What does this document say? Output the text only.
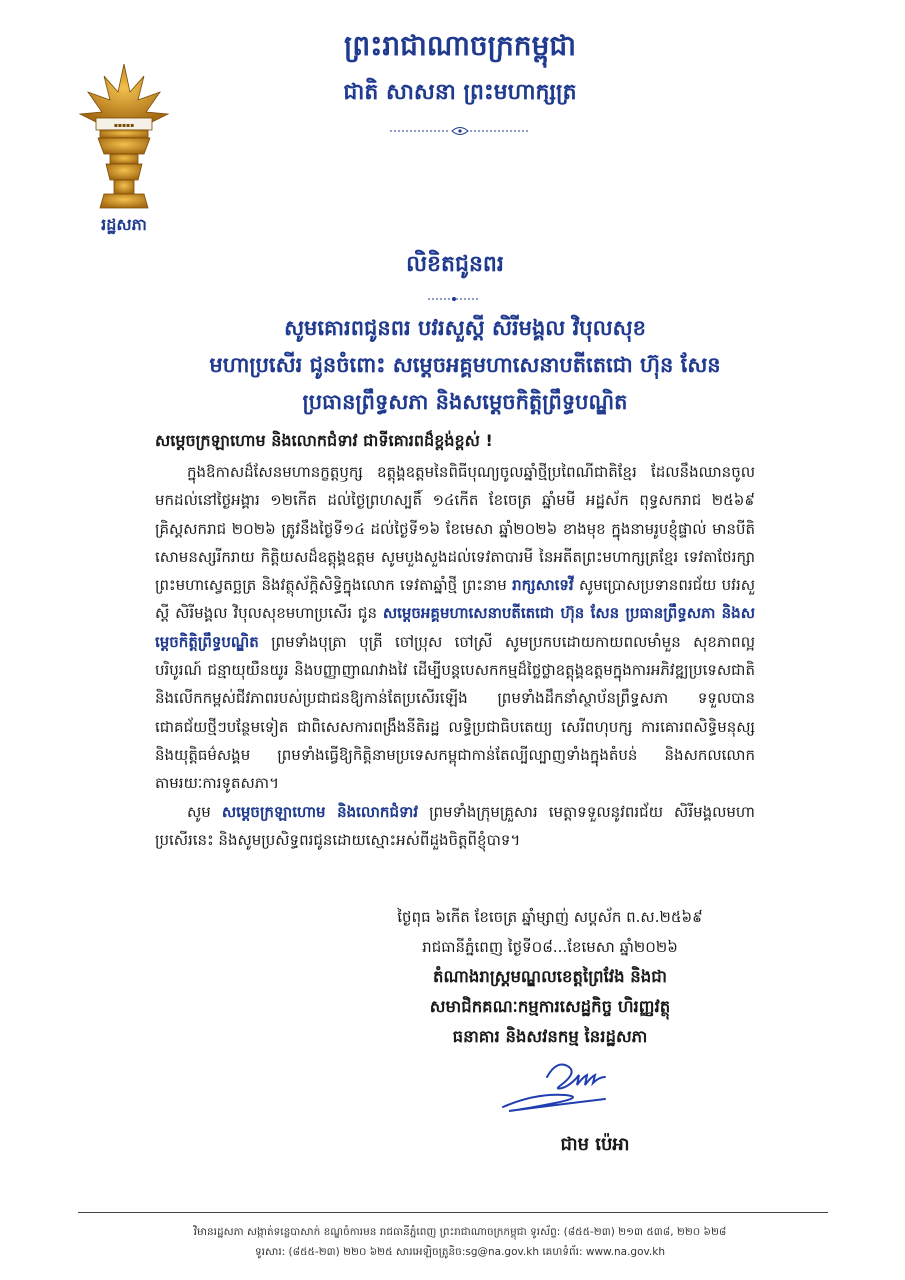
▪▪▪▪▪
រដ្ឋសភា
ព្រះរាជាណាចក្រកម្ពុជា
ជាតិ សាសនា ព្រះមហាក្សត្រ
លិខិតជូនពរ
សូមគោរពជូនពរ បវរសួស្តី សិរីមង្គល វិបុលសុខ
មហាប្រសើរ ជូនចំពោះ សម្តេចអគ្គមហាសេនាបតីតេជោ ហ៊ុន សែន
ប្រធានព្រឹទ្ធសភា និងសម្តេចកិត្តិព្រឹទ្ធបណ្ឌិត
សម្តេចក្រឡាហោម និងលោកជំទាវ ជាទីគោរពដ៏ខ្ពង់ខ្ពស់ !

ក្នុងឱកាសដ៏សែនមហានក្ខត្តឫក្ស ឧត្តុង្គឧត្តមនៃពិធីបុណ្យចូលឆ្នាំថ្មីប្រពៃណីជាតិខ្មែរ ដែលនឹងឈានចូលមកដល់នៅថ្ងៃអង្គារ ១២កើត ដល់ថ្ងៃព្រហស្បតិ៍ ១៤កើត ខែចេត្រ ឆ្នាំមមី អដ្ឋស័ក ពុទ្ធសករាជ ២៥៦៩ គ្រិស្តសករាជ ២០២៦ ត្រូវនឹងថ្ងៃទី១៤ ដល់ថ្ងៃទី១៦ ខែមេសា ឆ្នាំ២០២៦ ខាងមុខ ក្នុងនាមរូបខ្ញុំផ្ទាល់ មានបីតិសោមនស្សរីករាយ កិត្តិយសដ៏ឧត្តុង្គឧត្តម សូមបួងសួងដល់ទេវតាបារមី នៃអតីតព្រះមហាក្សត្រខ្មែរ ទេវតាថែរក្សាព្រះមហាស្វេតច្ឆត្រ និងវត្ថុស័ក្តិសិទ្ធិក្នុងលោក ទេវតាឆ្នាំថ្មី ព្រះនាម រាក្សសាទេវី សូមប្រោសប្រទានពរជ័យ បវរសួស្តី សិរីមង្គល វិបុលសុខមហាប្រសើរ ជូន សម្តេចអគ្គមហាសេនាបតីតេជោ ហ៊ុន សែន ប្រធានព្រឹទ្ធសភា និងសម្តេចកិត្តិព្រឹទ្ធបណ្ឌិត ព្រមទាំងបុត្រា បុត្រី ចៅប្រុស ចៅស្រី សូមប្រកបដោយកាយពលមាំមួន សុខភាពល្អបរិបូរណ៍ ជន្មាយុយឺនយូរ និងបញ្ញាញាណវាងវៃ ដើម្បីបន្តបេសកកម្មដ៏ថ្លៃថ្លាឧត្តុង្គឧត្តមក្នុងការអភិវឌ្ឍប្រទេសជាតិ និងលើកកម្ពស់ជីវភាពរបស់ប្រជាជនឱ្យកាន់តែប្រសើរឡើង ព្រមទាំងដឹកនាំស្ថាប័នព្រឹទ្ធសភា ទទួលបានជោគជ័យថ្មីៗបន្ថែមទៀត ជាពិសេសការពង្រឹងនីតិរដ្ឋ លទ្ធិប្រជាធិបតេយ្យ សេរីពហុបក្ស ការគោរពសិទ្ធិមនុស្ស និងយុត្តិធម៌សង្គម ព្រមទាំងធ្វើឱ្យកិត្តិនាមប្រទេសកម្ពុជាកាន់តែល្បីល្បាញទាំងក្នុងតំបន់ និងសកលលោកតាមរយៈការទូតសភា។

សូម សម្តេចក្រឡាហោម និងលោកជំទាវ ព្រមទាំងក្រុមគ្រួសារ មេត្តាទទួលនូវពរជ័យ សិរីមង្គលមហាប្រសើរនេះ និងសូមប្រសិទ្ធពរជូនដោយស្មោះអស់ពីដួងចិត្តពីខ្ញុំបាទ។

ថ្ងៃពុធ ៦កើត ខែចេត្រ ឆ្នាំម្សាញ់ សប្តស័ក ព.ស.២៥៦៩
រាជធានីភ្នំពេញ ថ្ងៃទី០៨...ខែមេសា ឆ្នាំ២០២៦
តំណាងរាស្ត្រមណ្ឌលខេត្តព្រៃវែង និងជា
សមាជិកគណៈកម្មការសេដ្ឋកិច្ច ហិរញ្ញវត្ថុ
ធនាគារ និងសវនកម្ម នៃរដ្ឋសភា
ជាម ប៉េអា
វិមានរដ្ឋសភា សង្កាត់ទន្លេបាសាក់ ខណ្ឌចំការមន រាជធានីភ្នំពេញ ព្រះរាជាណាចក្រកម្ពុជា ទូរស័ព្ទ: (៨៥៥-២៣) ២១៣ ៥៣៨, ២២០ ៦២៨
ទូរសារ: (៨៥៥-២៣) ២២០ ៦២៥ សារអេឡិចត្រូនិច:sg@na.gov.kh គេហទំព័រ: www.na.gov.kh
